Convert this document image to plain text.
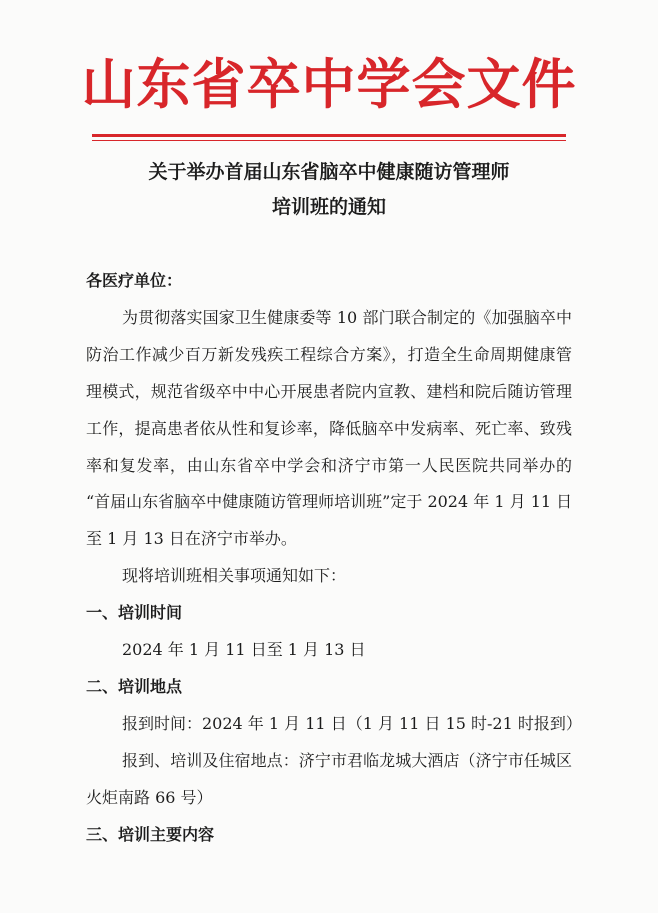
山东省卒中学会文件
关于举办首届山东省脑卒中健康随访管理师
培训班的通知
各医疗单位：
为贯彻落实国家卫生健康委等 10 部门联合制定的《加强脑卒中
防治工作减少百万新发残疾工程综合方案》，打造全生命周期健康管
理模式，规范省级卒中中心开展患者院内宣教、建档和院后随访管理
工作，提高患者依从性和复诊率，降低脑卒中发病率、死亡率、致残
率和复发率，由山东省卒中学会和济宁市第一人民医院共同举办的
“首届山东省脑卒中健康随访管理师培训班”定于 2024 年 1 月 11 日
至 1 月 13 日在济宁市举办。
现将培训班相关事项通知如下：
一、培训时间
2024 年 1 月 11 日至 1 月 13 日
二、培训地点
报到时间：2024 年 1 月 11 日（1 月 11 日 15 时-21 时报到）
报到、培训及住宿地点：济宁市君临龙城大酒店（济宁市任城区
火炬南路 66 号）
三、培训主要内容
